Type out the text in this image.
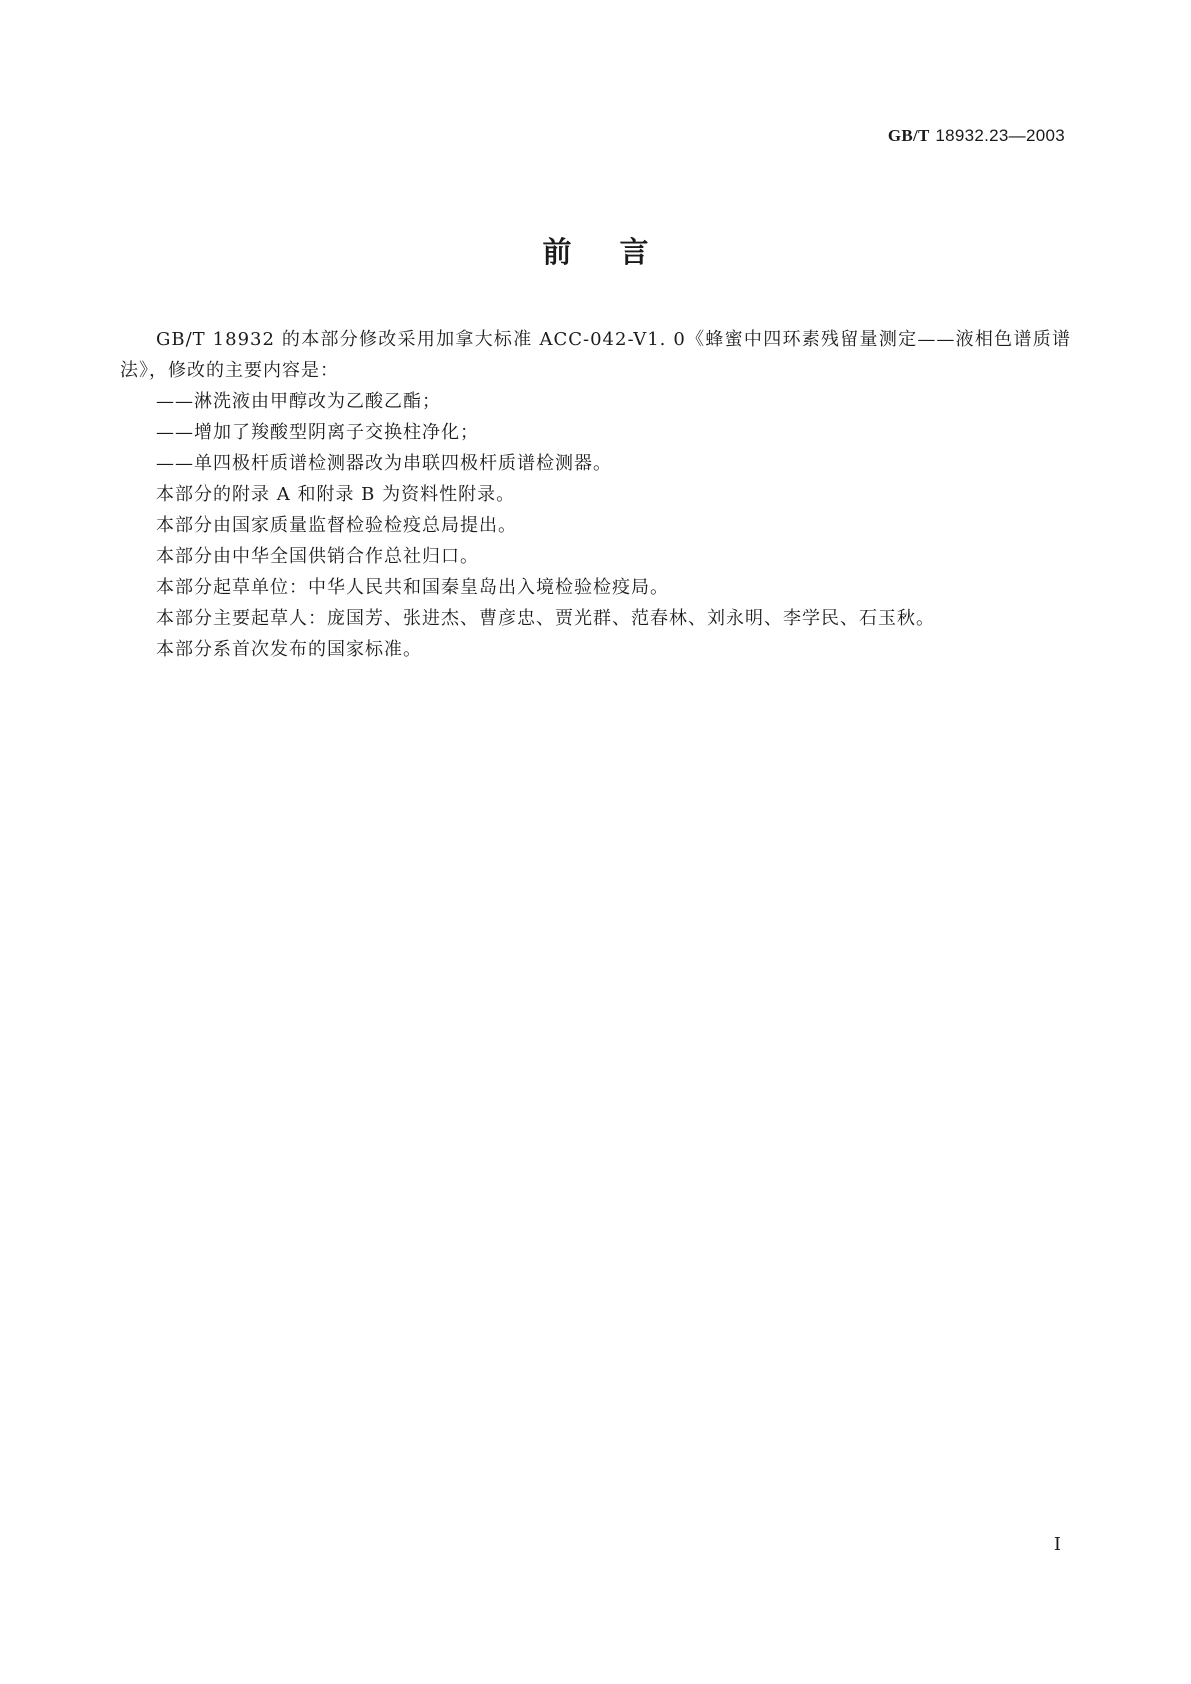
GB/T 18932.23—2003
前言

GB/T 18932 的本部分修改采用加拿大标准 ACC-042-V1. 0《蜂蜜中四环素残留量测定——液相色谱质谱法》，修改的主要内容是：

——淋洗液由甲醇改为乙酸乙酯；

——增加了羧酸型阴离子交换柱净化；

——单四极杆质谱检测器改为串联四极杆质谱检测器。

本部分的附录 A 和附录 B 为资料性附录。

本部分由国家质量监督检验检疫总局提出。

本部分由中华全国供销合作总社归口。

本部分起草单位：中华人民共和国秦皇岛出入境检验检疫局。

本部分主要起草人：庞国芳、张进杰、曹彦忠、贾光群、范春林、刘永明、李学民、石玉秋。

本部分系首次发布的国家标准。

I
